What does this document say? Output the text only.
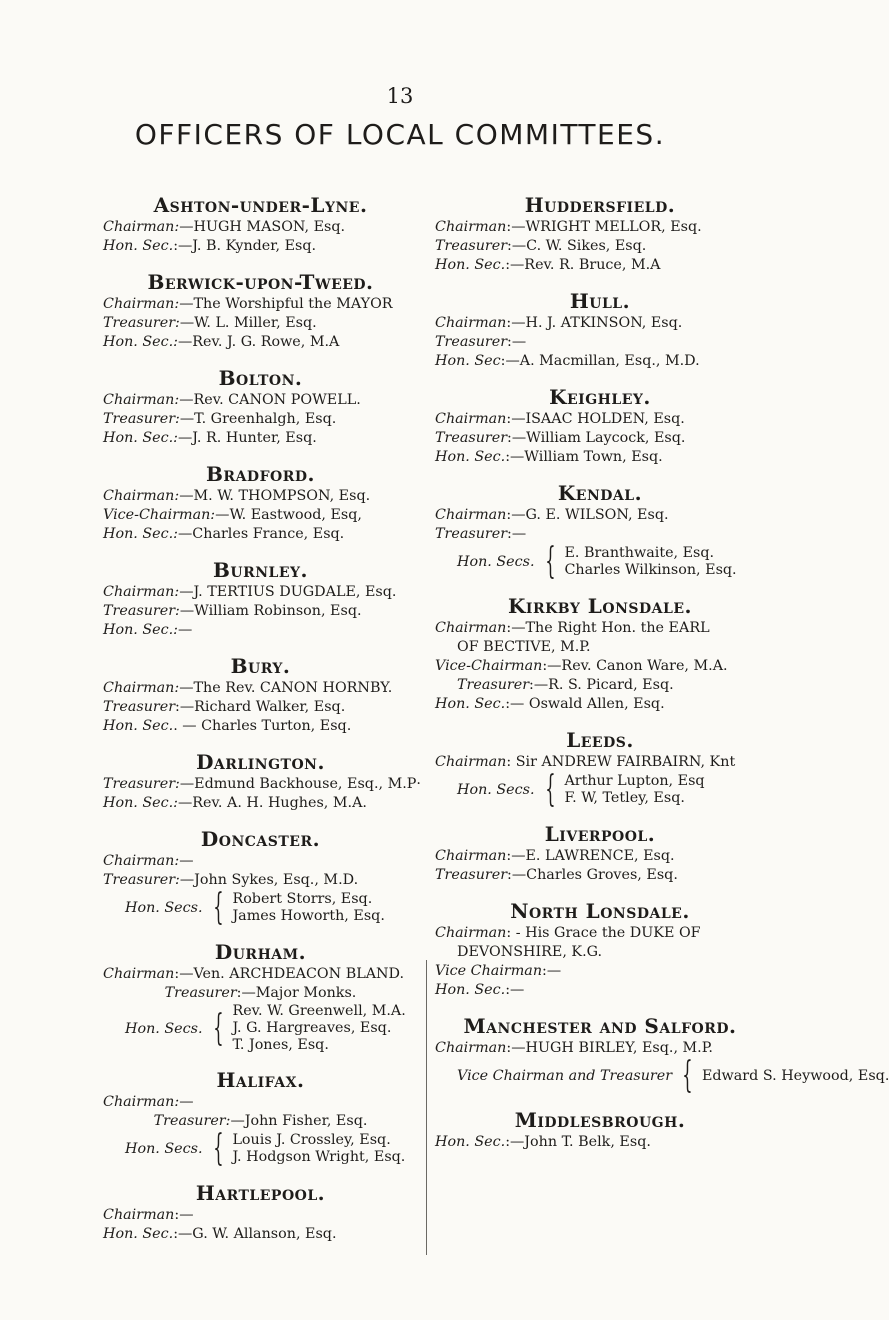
13
OFFICERS OF LOCAL COMMITTEES.
Ashton-under-Lyne.
Chairman:—HUGH MASON, Esq.
Hon. Sec.:—J. B. Kynder, Esq.
Berwick-upon-Tweed.
Chairman:—The Worshipful the MAYOR
Treasurer:—W. L. Miller, Esq.
Hon. Sec.:—Rev. J. G. Rowe, M.A
Bolton.
Chairman:—Rev. CANON POWELL.
Treasurer:—T. Greenhalgh, Esq.
Hon. Sec.:—J. R. Hunter, Esq.
Bradford.
Chairman:—M. W. THOMPSON, Esq.
Vice-Chairman:—W. Eastwood, Esq,
Hon. Sec.:—Charles France, Esq.
Burnley.
Chairman:—J. TERTIUS DUGDALE, Esq.
Treasurer:—William Robinson, Esq.
Hon. Sec.:—
Bury.
Chairman:—The Rev. CANON HORNBY.
Treasurer:—Richard Walker, Esq.
Hon. Sec.. — Charles Turton, Esq.
Darlington.
Treasurer:—Edmund Backhouse, Esq., M.P·
Hon. Sec.:—Rev. A. H. Hughes, M.A.
Doncaster.
Chairman:—
Treasurer:—John Sykes, Esq., M.D.
Hon. Secs. { Robert Storrs, Esq.
James Howorth, Esq.
Durham.
Chairman:—Ven. ARCHDEACON BLAND.
Treasurer:—Major Monks.
Hon. Secs. { Rev. W. Greenwell, M.A.
J. G. Hargreaves, Esq.
T. Jones, Esq.
Halifax.
Chairman:—
Treasurer:—John Fisher, Esq.
Hon. Secs. { Louis J. Crossley, Esq.
J. Hodgson Wright, Esq.
Hartlepool.
Chairman:—
Hon. Sec.:—G. W. Allanson, Esq.
Huddersfield.
Chairman:—WRIGHT MELLOR, Esq.
Treasurer:—C. W. Sikes, Esq.
Hon. Sec.:—Rev. R. Bruce, M.A
Hull.
Chairman:—H. J. ATKINSON, Esq.
Treasurer:—
Hon. Sec:—A. Macmillan, Esq., M.D.
Keighley.
Chairman:—ISAAC HOLDEN, Esq.
Treasurer:—William Laycock, Esq.
Hon. Sec.:—William Town, Esq.
Kendal.
Chairman:—G. E. WILSON, Esq.
Treasurer:—
Hon. Secs. { E. Branthwaite, Esq.
Charles Wilkinson, Esq.
Kirkby Lonsdale.
Chairman:—The Right Hon. the EARL
OF BECTIVE, M.P.
Vice-Chairman:—Rev. Canon Ware, M.A.
Treasurer:—R. S. Picard, Esq.
Hon. Sec.:— Oswald Allen, Esq.
Leeds.
Chairman: Sir ANDREW FAIRBAIRN, Knt
Hon. Secs. { Arthur Lupton, Esq
F. W, Tetley, Esq.
Liverpool.
Chairman:—E. LAWRENCE, Esq.
Treasurer:—Charles Groves, Esq.
North Lonsdale.
Chairman: - His Grace the DUKE OF
DEVONSHIRE, K.G.
Vice Chairman:—
Hon. Sec.:—
Manchester and Salford.
Chairman:—HUGH BIRLEY, Esq., M.P.
Vice Chairman and Treasurer { Edward S. Heywood, Esq.
Middlesbrough.
Hon. Sec.:—John T. Belk, Esq.
